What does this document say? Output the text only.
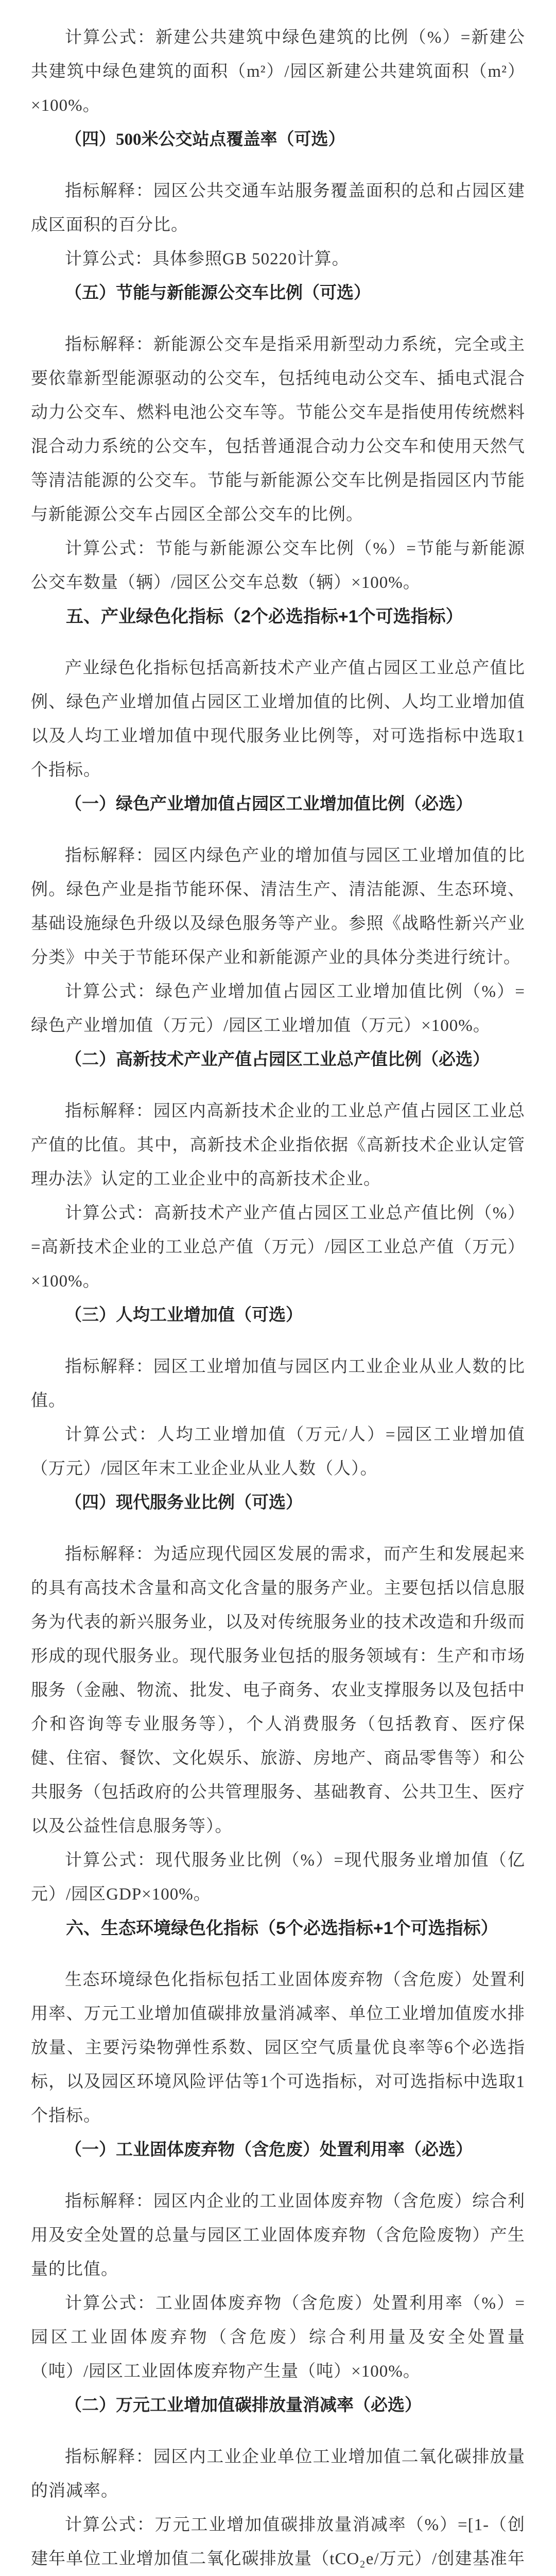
计算公式：新建公共建筑中绿色建筑的比例（%）=新建公共建筑中绿色建筑的面积（m²）/园区新建公共建筑面积（m²）×100%。
（四）500米公交站点覆盖率（可选）
指标解释：园区公共交通车站服务覆盖面积的总和占园区建成区面积的百分比。
计算公式：具体参照GB 50220计算。
（五）节能与新能源公交车比例（可选）
指标解释：新能源公交车是指采用新型动力系统，完全或主要依靠新型能源驱动的公交车，包括纯电动公交车、插电式混合动力公交车、燃料电池公交车等。节能公交车是指使用传统燃料混合动力系统的公交车，包括普通混合动力公交车和使用天然气等清洁能源的公交车。节能与新能源公交车比例是指园区内节能与新能源公交车占园区全部公交车的比例。
计算公式：节能与新能源公交车比例（%）=节能与新能源公交车数量（辆）/园区公交车总数（辆）×100%。
五、产业绿色化指标（2个必选指标+1个可选指标）
产业绿色化指标包括高新技术产业产值占园区工业总产值比例、绿色产业增加值占园区工业增加值的比例、人均工业增加值以及人均工业增加值中现代服务业比例等，对可选指标中选取1个指标。
（一）绿色产业增加值占园区工业增加值比例（必选）
指标解释：园区内绿色产业的增加值与园区工业增加值的比例。绿色产业是指节能环保、清洁生产、清洁能源、生态环境、基础设施绿色升级以及绿色服务等产业。参照《战略性新兴产业分类》中关于节能环保产业和新能源产业的具体分类进行统计。
计算公式：绿色产业增加值占园区工业增加值比例（%）=绿色产业增加值（万元）/园区工业增加值（万元）×100%。
（二）高新技术产业产值占园区工业总产值比例（必选）
指标解释：园区内高新技术企业的工业总产值占园区工业总产值的比值。其中，高新技术企业指依据《高新技术企业认定管理办法》认定的工业企业中的高新技术企业。
计算公式：高新技术产业产值占园区工业总产值比例（%）=高新技术企业的工业总产值（万元）/园区工业总产值（万元）×100%。
（三）人均工业增加值（可选）
指标解释：园区工业增加值与园区内工业企业从业人数的比值。
计算公式：人均工业增加值（万元/人）=园区工业增加值（万元）/园区年末工业企业从业人数（人）。
（四）现代服务业比例（可选）
指标解释：为适应现代园区发展的需求，而产生和发展起来的具有高技术含量和高文化含量的服务产业。主要包括以信息服务为代表的新兴服务业，以及对传统服务业的技术改造和升级而形成的现代服务业。现代服务业包括的服务领域有：生产和市场服务（金融、物流、批发、电子商务、农业支撑服务以及包括中介和咨询等专业服务等），个人消费服务（包括教育、医疗保健、住宿、餐饮、文化娱乐、旅游、房地产、商品零售等）和公共服务（包括政府的公共管理服务、基础教育、公共卫生、医疗以及公益性信息服务等）。
计算公式：现代服务业比例（%）=现代服务业增加值（亿元）/园区GDP×100%。
六、生态环境绿色化指标（5个必选指标+1个可选指标）
生态环境绿色化指标包括工业固体废弃物（含危废）处置利用率、万元工业增加值碳排放量消减率、单位工业增加值废水排放量、主要污染物弹性系数、园区空气质量优良率等6个必选指标，以及园区环境风险评估等1个可选指标，对可选指标中选取1个指标。
（一）工业固体废弃物（含危废）处置利用率（必选）
指标解释：园区内企业的工业固体废弃物（含危废）综合利用及安全处置的总量与园区工业固体废弃物（含危险废物）产生量的比值。
计算公式：工业固体废弃物（含危废）处置利用率（%）=园区工业固体废弃物（含危废）综合利用量及安全处置量（吨）/园区工业固体废弃物产生量（吨）×100%。
（二）万元工业增加值碳排放量消减率（必选）
指标解释：园区内工业企业单位工业增加值二氧化碳排放量的消减率。
计算公式：万元工业增加值碳排放量消减率（%）=[1-（创建年单位工业增加值二氧化碳排放量（tCO₂e/万元）/创建基准年
